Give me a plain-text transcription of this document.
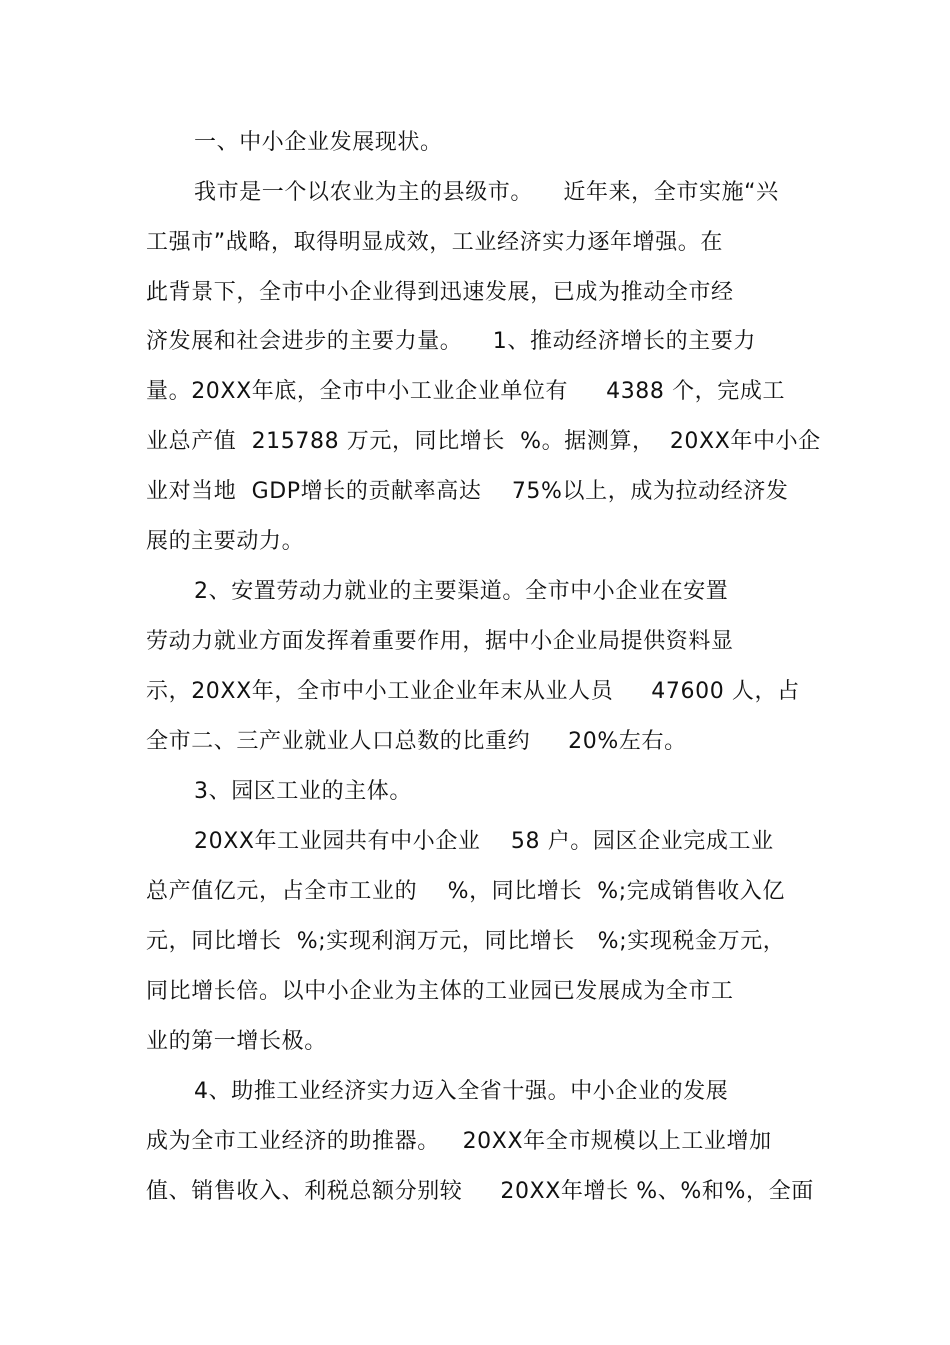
一、中小企业发展现状。
我市是一个以农业为主的县级市。    近年来，全市实施“兴
工强市”战略，取得明显成效，工业经济实力逐年增强。在
此背景下，全市中小企业得到迅速发展，已成为推动全市经
济发展和社会进步的主要力量。    1、推动经济增长的主要力
量。20XX年底，全市中小工业企业单位有     4388 个，完成工
业总产值  215788 万元，同比增长  %。据测算，  20XX年中小企
业对当地  GDP增长的贡献率高达    75%以上，成为拉动经济发
展的主要动力。
2、安置劳动力就业的主要渠道。全市中小企业在安置
劳动力就业方面发挥着重要作用，据中小企业局提供资料显
示，20XX年，全市中小工业企业年末从业人员     47600 人，占
全市二、三产业就业人口总数的比重约     20%左右。
3、园区工业的主体。
20XX年工业园共有中小企业    58 户。园区企业完成工业
总产值亿元，占全市工业的    %，同比增长  %;完成销售收入亿
元，同比增长  %;实现利润万元，同比增长   %;实现税金万元，
同比增长倍。以中小企业为主体的工业园已发展成为全市工
业的第一增长极。
4、助推工业经济实力迈入全省十强。中小企业的发展
成为全市工业经济的助推器。   20XX年全市规模以上工业增加
值、销售收入、利税总额分别较     20XX年增长 %、%和%，全面
